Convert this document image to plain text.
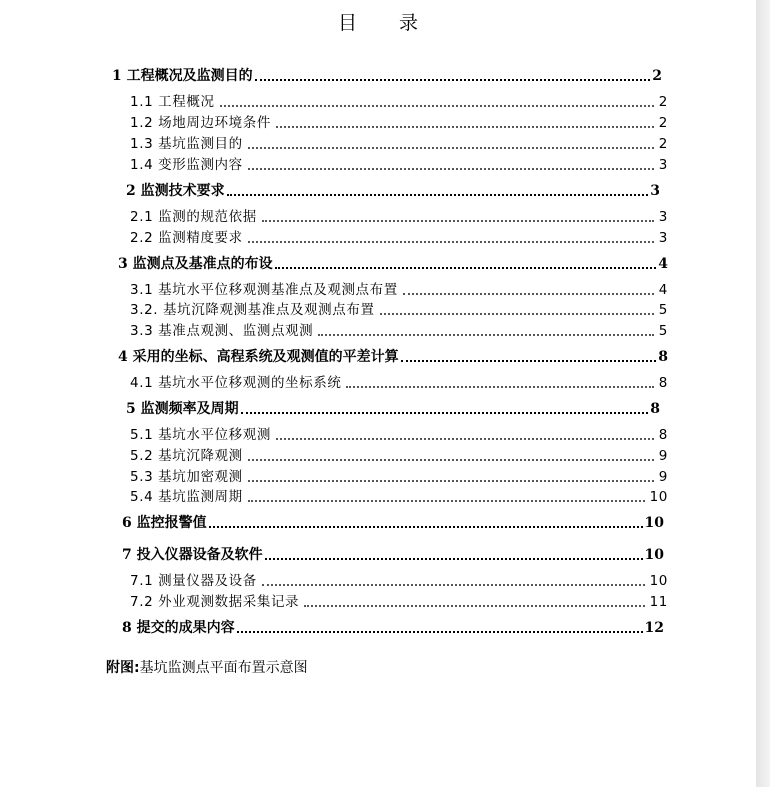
目 录
1 工程概况及监测目的	2
1.1 工程概况	2
1.2 场地周边环境条件	2
1.3 基坑监测目的	2
1.4 变形监测内容	3
2 监测技术要求	3
2.1 监测的规范依据	3
2.2 监测精度要求	3
3 监测点及基准点的布设	4
3.1 基坑水平位移观测基准点及观测点布置	4
3.2. 基坑沉降观测基准点及观测点布置	5
3.3 基准点观测、监测点观测	5
4 采用的坐标、高程系统及观测值的平差计算	8
4.1 基坑水平位移观测的坐标系统	8
5 监测频率及周期	8
5.1 基坑水平位移观测	8
5.2 基坑沉降观测	9
5.3 基坑加密观测	9
5.4 基坑监测周期	10
6 监控报警值	10
7 投入仪器设备及软件	10
7.1 测量仪器及设备	10
7.2 外业观测数据采集记录	11
8 提交的成果内容	12
附图:基坑监测点平面布置示意图
